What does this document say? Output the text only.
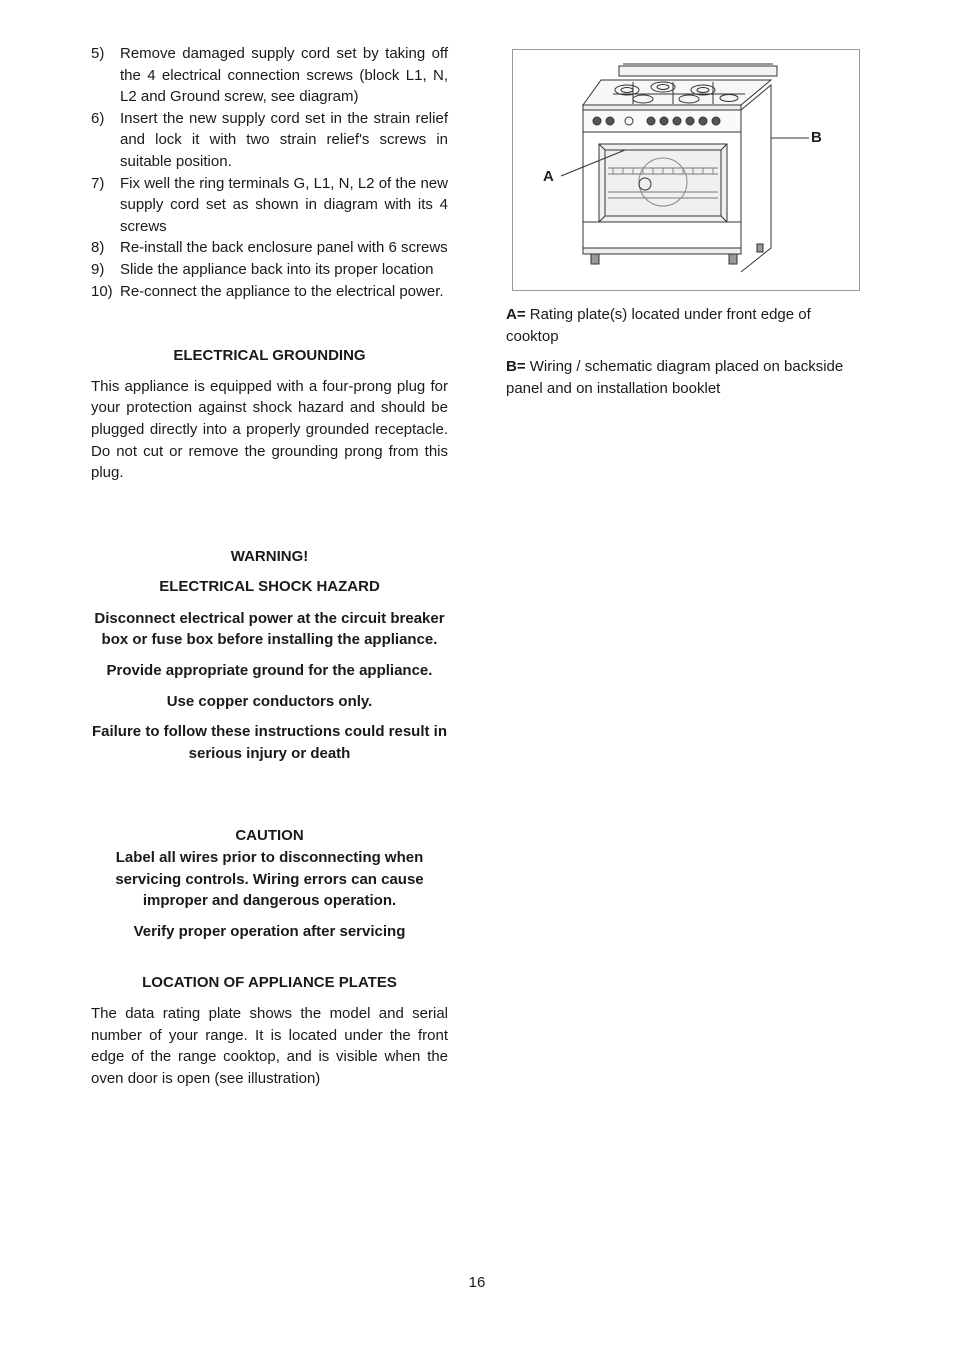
5) Remove damaged supply cord set by taking off the 4 electrical connection screws (block L1, N, L2 and Ground screw, see diagram)
6) Insert the new supply cord set in the strain relief and lock it with two strain relief's screws in suitable position.
7) Fix well the ring terminals G, L1, N, L2 of the new supply cord set as shown in diagram with its 4 screws
8) Re-install the back enclosure panel with 6 screws
9) Slide the appliance back into its proper location
10) Re-connect the appliance to the electrical power.
ELECTRICAL GROUNDING

This appliance is equipped with a four-prong plug for your protection against shock hazard and should be plugged directly into a properly grounded receptacle. Do not cut or remove the grounding prong from this plug.

WARNING!

ELECTRICAL SHOCK HAZARD

Disconnect electrical power at the circuit breaker box or fuse box before installing the appliance.

Provide appropriate ground for the appliance.

Use copper conductors only.

Failure to follow these instructions could result in serious injury or death

CAUTION

Label all wires prior to disconnecting when servicing controls. Wiring errors can cause improper and dangerous operation.

Verify proper operation after servicing

LOCATION OF APPLIANCE PLATES

The data rating plate shows the model and serial number of your range. It is located under the front edge of the range cooktop, and is visible when the oven door is open (see illustration)

A
B

A= Rating plate(s) located under front edge of cooktop

B= Wiring / schematic diagram placed on backside panel and on installation booklet

16
